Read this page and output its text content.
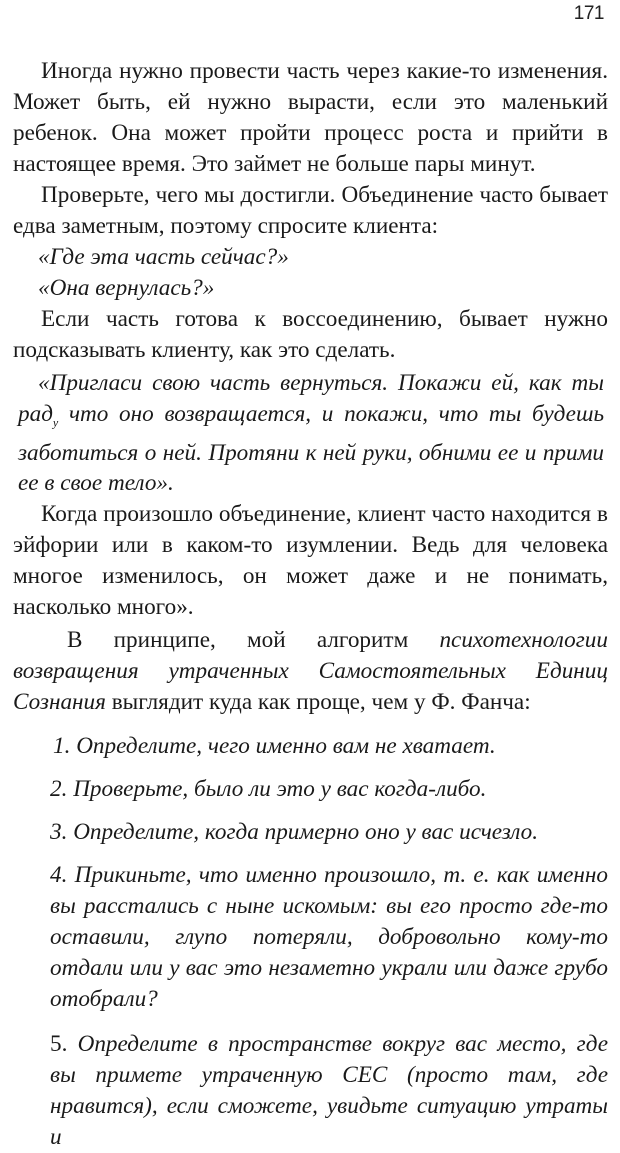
171

Иногда нужно провести часть через какие-то изменения. Может быть, ей нужно вырасти, если это маленький ребенок. Она может пройти процесс роста и прийти в настоящее время. Это займет не больше пары минут.

Проверьте, чего мы достигли. Объединение часто бывает едва заметным, поэтому спросите клиента:

«Где эта часть сейчас?»

«Она вернулась?»

Если часть готова к воссоединению, бывает нужно подсказывать клиенту, как это сделать.

«Пригласи свою часть вернуться. Покажи ей, как ты рад$_у$ что оно возвращается, и покажи, что ты будешь заботиться о ней. Протяни к ней руки, обними ее и прими ее в свое тело».

Когда произошло объединение, клиент часто находится в эйфории или в каком-то изумлении. Ведь для человека многое изменилось, он может даже и не понимать, насколько много».

В принципе, мой алгоритм психотехнологии возвращения утраченных Самостоятельных Единиц Сознания выглядит куда как проще, чем у Ф. Фанча:

1. Определите, чего именно вам не хватает.

2. Проверьте, было ли это у вас когда-либо.

3. Определите, когда примерно оно у вас исчезло.

4. Прикиньте, что именно произошло, т. е. как именно вы расстались с ныне искомым: вы его просто где-то оставили, глупо потеряли, добровольно кому-то отдали или у вас это незаметно украли или даже грубо отобрали?

5. Определите в пространстве вокруг вас место, где вы примете утраченную СЕС (просто там, где нравится), если сможете, увидьте ситуацию утраты и
